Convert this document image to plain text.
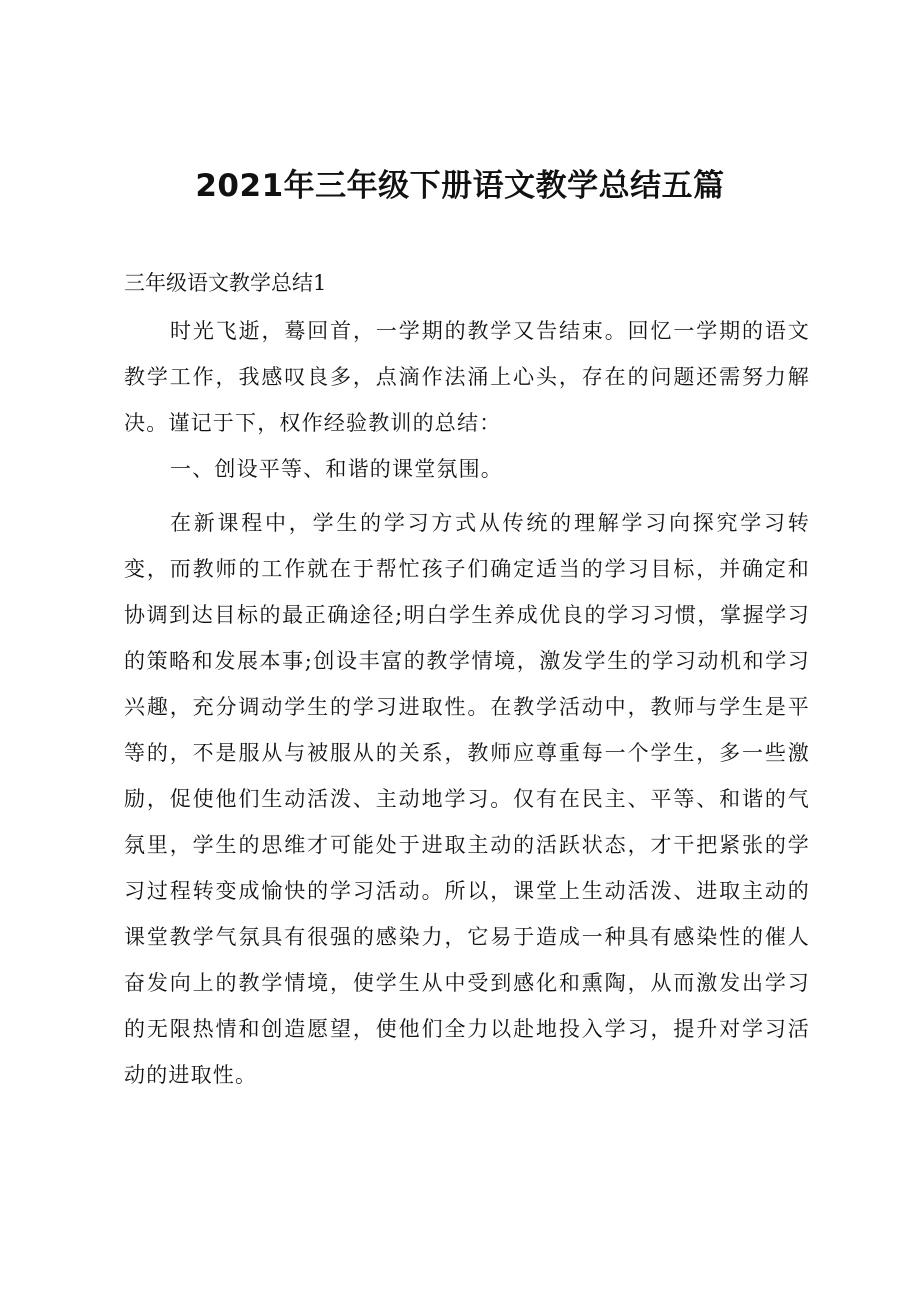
2021年三年级下册语文教学总结五篇

三年级语文教学总结1

时光飞逝，蓦回首，一学期的教学又告结束。回忆一学期的语文教学工作，我感叹良多，点滴作法涌上心头，存在的问题还需努力解决。谨记于下，权作经验教训的总结：

一、创设平等、和谐的课堂氛围。

在新课程中，学生的学习方式从传统的理解学习向探究学习转变，而教师的工作就在于帮忙孩子们确定适当的学习目标，并确定和协调到达目标的最正确途径;明白学生养成优良的学习习惯，掌握学习的策略和发展本事;创设丰富的教学情境，激发学生的学习动机和学习兴趣，充分调动学生的学习进取性。在教学活动中，教师与学生是平等的，不是服从与被服从的关系，教师应尊重每一个学生，多一些激励，促使他们生动活泼、主动地学习。仅有在民主、平等、和谐的气氛里，学生的思维才可能处于进取主动的活跃状态，才干把紧张的学习过程转变成愉快的学习活动。所以，课堂上生动活泼、进取主动的课堂教学气氛具有很强的感染力，它易于造成一种具有感染性的催人奋发向上的教学情境，使学生从中受到感化和熏陶，从而激发出学习的无限热情和创造愿望，使他们全力以赴地投入学习，提升对学习活动的进取性。
